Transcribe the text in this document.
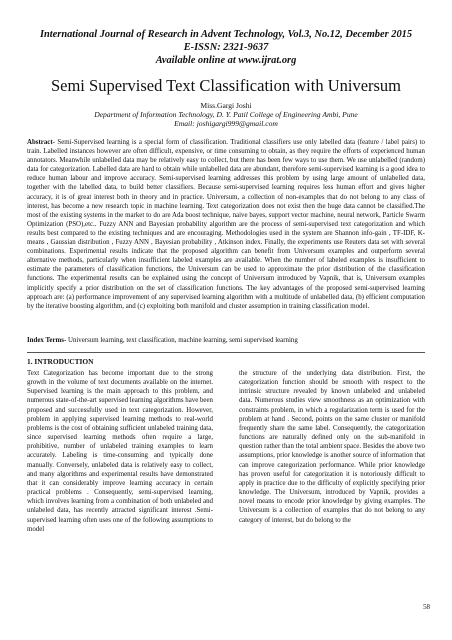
International Journal of Research in Advent Technology, Vol.3, No.12, December 2015
E-ISSN: 2321-9637
Available online at www.ijrat.org
Semi Supervised Text Classification with Universum
Miss.Gargi Joshi
Department of Information Technology, D. Y. Patil College of Engineering Ambi, Pune
Email: joshigargi999@gmail.com

Abstract- Semi-Supervised learning is a special form of classification. Traditional classifiers use only labelled data (feature / label pairs) to train. Labelled instances however are often difficult, expensive, or time consuming to obtain, as they require the efforts of experienced human annotators. Meanwhile unlabelled data may be relatively easy to collect, but there has been few ways to use them. We use unlabelled (random) data for categorization. Labelled data are hard to obtain while unlabelled data are abundant, therefore semi-supervised learning is a good idea to reduce human labour and improve accuracy. Semi-supervised learning addresses this problem by using large amount of unlabelled data, together with the labelled data, to build better classifiers. Because semi-supervised learning requires less human effort and gives higher accuracy, it is of great interest both in theory and in practice. Universum, a collection of non-examples that do not belong to any class of interest, has become a new research topic in machine learning. Text categorization does not exist then the huge data cannot be classified.The most of the existing systems in the market to do are Ada boost technique, naive bayes, support vector machine, neural network, Particle Swarm Optimization (PSO),etc.. Fuzzy ANN and Bayesian probability algorithm are the process of semi-supervised text categorization and which results best compared to the existing techniques and are encouraging. Methodologies used in the system are Shannon info-gain , TF-IDF, K-means , Gaussian distribution , Fuzzy ANN , Bayesian probability , Atkinson index. Finally, the experiments use Reuters data set with several combinations. Experimental results indicate that the proposed algorithm can benefit from Universum examples and outperform several alternative methods, particularly when insufficient labeled examples are available. When the number of labeled examples is insufficient to estimate the parameters of classification functions, the Universum can be used to approximate the prior distribution of the classification functions. The experimental results can be explained using the concept of Universum introduced by Vapnik, that is, Universum examples implicitly specify a prior distribution on the set of classification functions. The key advantages of the proposed semi-supervised learning approach are: (a) performance improvement of any supervised learning algorithm with a multitude of unlabelled data, (b) efficient computation by the iterative boosting algorithm, and (c) exploiting both manifold and cluster assumption in training classification model.

Index Terms- Universum learning, text classification, machine learning, semi supervised learning

1. INTRODUCTION

Text Categorization has become important due to the strong growth in the volume of text documents available on the internet. Supervised learning is the main approach to this problem, and numerous state-of-the-art supervised learning algorithms have been proposed and successfully used in text categorization. However, problem in applying supervised learning methods to real-world problems is the cost of obtaining sufficient unlabeled training data, since supervised learning methods often require a large, prohibitive, number of unlabeled training examples to learn accurately. Labeling is time-consuming and typically done manually. Conversely, unlabeled data is relatively easy to collect, and many algorithms and experimental results have demonstrated that it can considerably improve learning accuracy in certain practical problems . Consequently, semi-supervised learning, which involves learning from a combination of both unlabeled and unlabeled data, has recently attracted significant interest .Semi-supervised learning often uses one of the following assumptions to model

the structure of the underlying data distribution. First, the categorization function should be smooth with respect to the intrinsic structure revealed by known unlabeled and unlabeled data. Numerous studies view smoothness as an optimization with constraints problem, in which a regularization term is used for the problem at hand . Second, points on the same cluster or manifold frequently share the same label. Consequently, the categorization functions are naturally defined only on the sub-manifold in question rather than the total ambient space. Besides the above two assumptions, prior knowledge is another source of information that can improve categorization performance. While prior knowledge has proven useful for categorization it is notoriously difficult to apply in practice due to the difficulty of explicitly specifying prior knowledge. The Universum, introduced by Vapnik, provides a novel means to encode prior knowledge by giving examples. The Universum is a collection of examples that do not belong to any category of interest, but do belong to the

58
